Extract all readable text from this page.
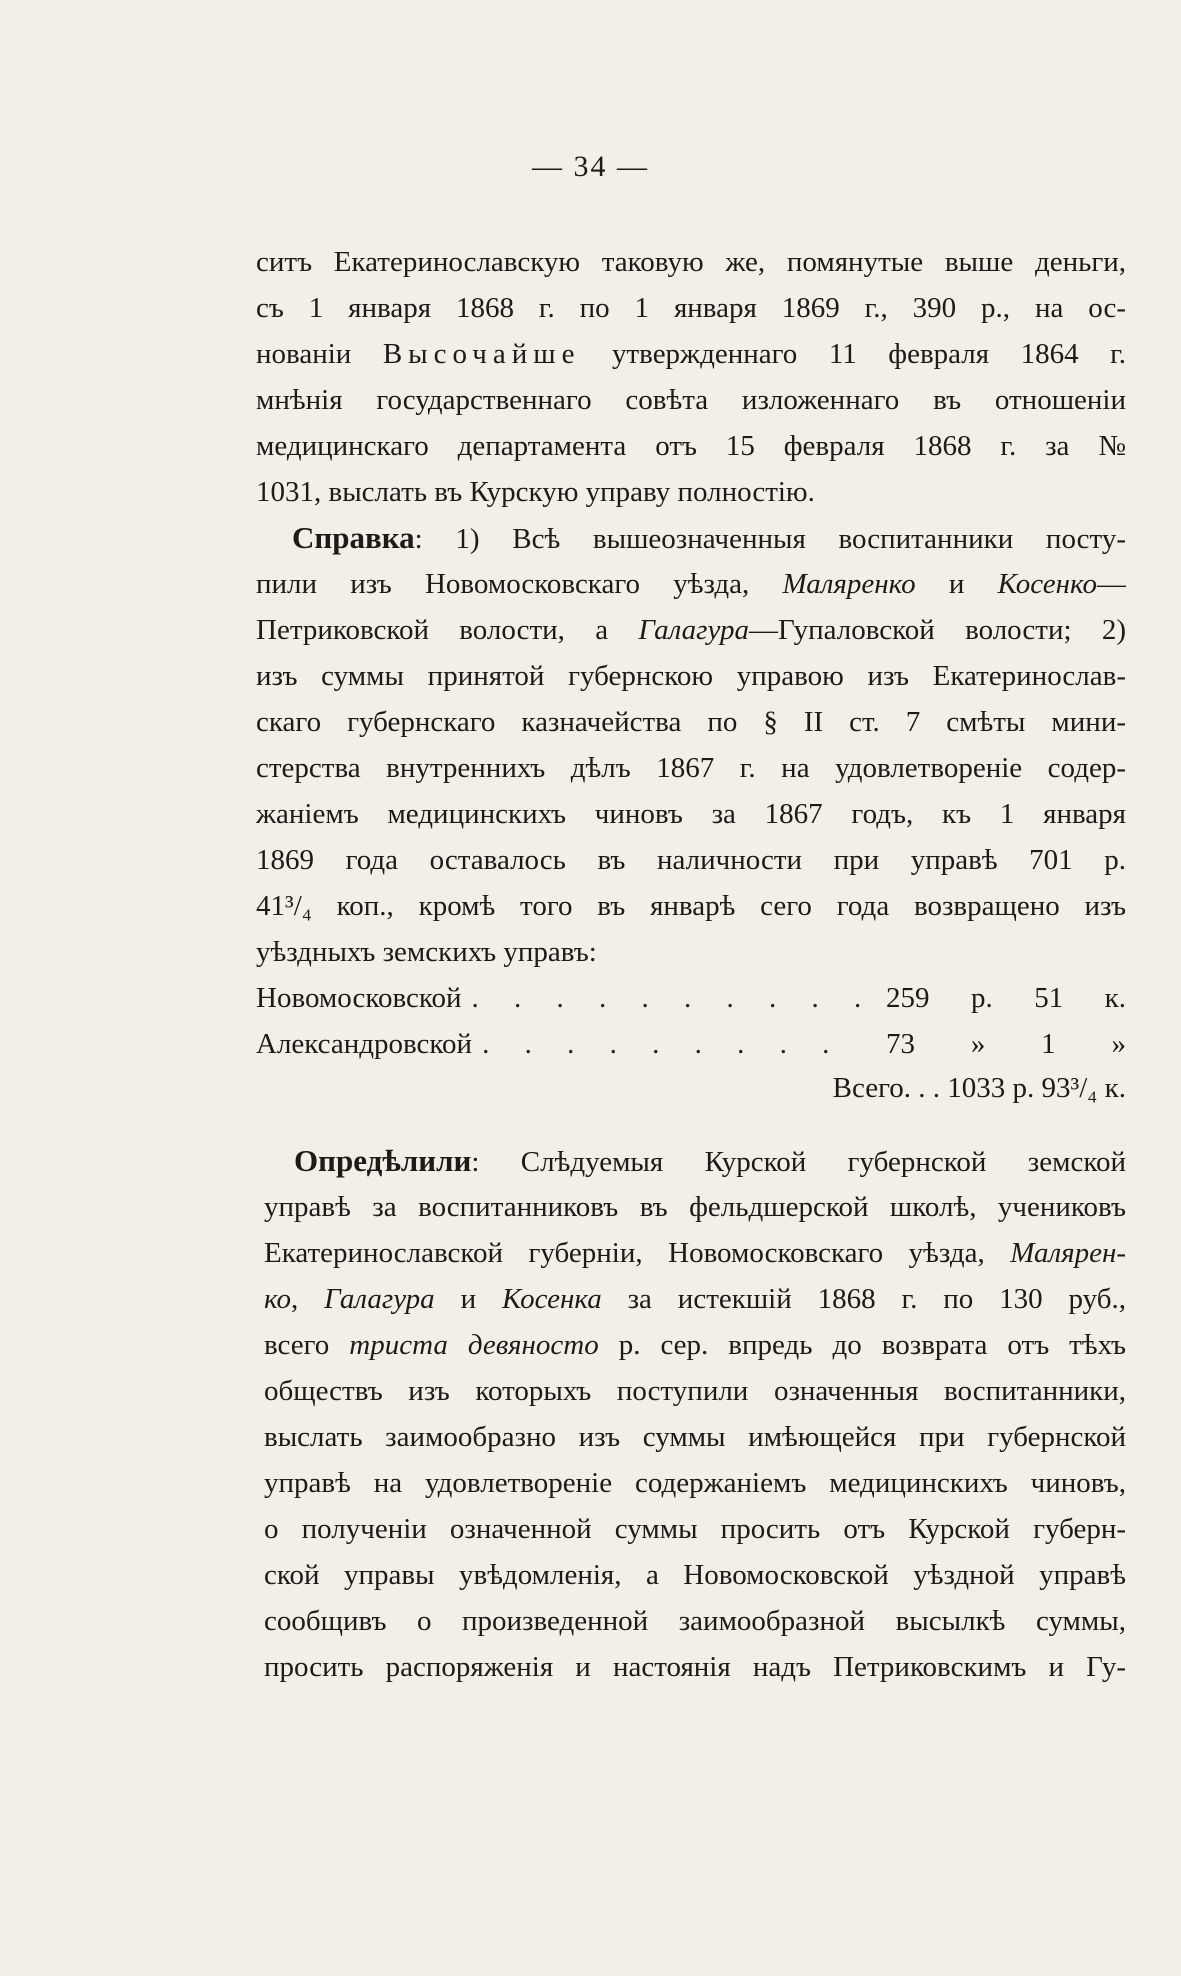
— 34 —
ситъ Екатеринославскую таковую же, помянутые выше деньги,
съ 1 января 1868 г. по 1 января 1869 г., 390 р., на ос-
нованіи Высочайше утвержденнаго 11 февраля 1864 г.
мнѣнія государственнаго совѣта изложеннаго въ отношеніи
медицинскаго департамента отъ 15 февраля 1868 г. за №
1031, выслать въ Курскую управу полностію.
Справка: 1) Всѣ вышеозначенныя воспитанники посту-
пили изъ Новомосковскаго уѣзда, Маляренко и Косенко—
Петриковской волости, а Галагура—Гупаловской волости; 2)
изъ суммы принятой губернскою управою изъ Екатеринослав-
скаго губернскаго казначейства по § II ст. 7 смѣты мини-
стерства внутреннихъ дѣлъ 1867 г. на удовлетвореніе содер-
жаніемъ медицинскихъ чиновъ за 1867 годъ, къ 1 января
1869 года оставалось въ наличности при управѣ 701 р.
41³/₄ коп., кромѣ того въ январѣ сего года возвращено изъ
уѣздныхъ земскихъ управъ:
Новомосковской . . . . . . . . . . 259 р. 51 к.
Александровской . . . . . . . . .	73 » 1 »
Всего. . . 1033 р. 93³/₄ к.
Опредѣлили: Слѣдуемыя Курской губернской земской
управѣ за воспитанниковъ въ фельдшерской школѣ, учениковъ
Екатеринославской губерніи, Новомосковскаго уѣзда, Малярен-
ко, Галагура и Косенка за истекшій 1868 г. по 130 руб.,
всего триста девяносто р. сер. впредь до возврата отъ тѣхъ
обществъ изъ которыхъ поступили означенныя воспитанники,
выслать заимообразно изъ суммы имѣющейся при губернской
управѣ на удовлетвореніе содержаніемъ медицинскихъ чиновъ,
о полученіи означенной суммы просить отъ Курской губерн-
ской управы увѣдомленія, а Новомосковской уѣздной управѣ
сообщивъ о произведенной заимообразной высылкѣ суммы,
просить распоряженія и настоянія надъ Петриковскимъ и Гу-
